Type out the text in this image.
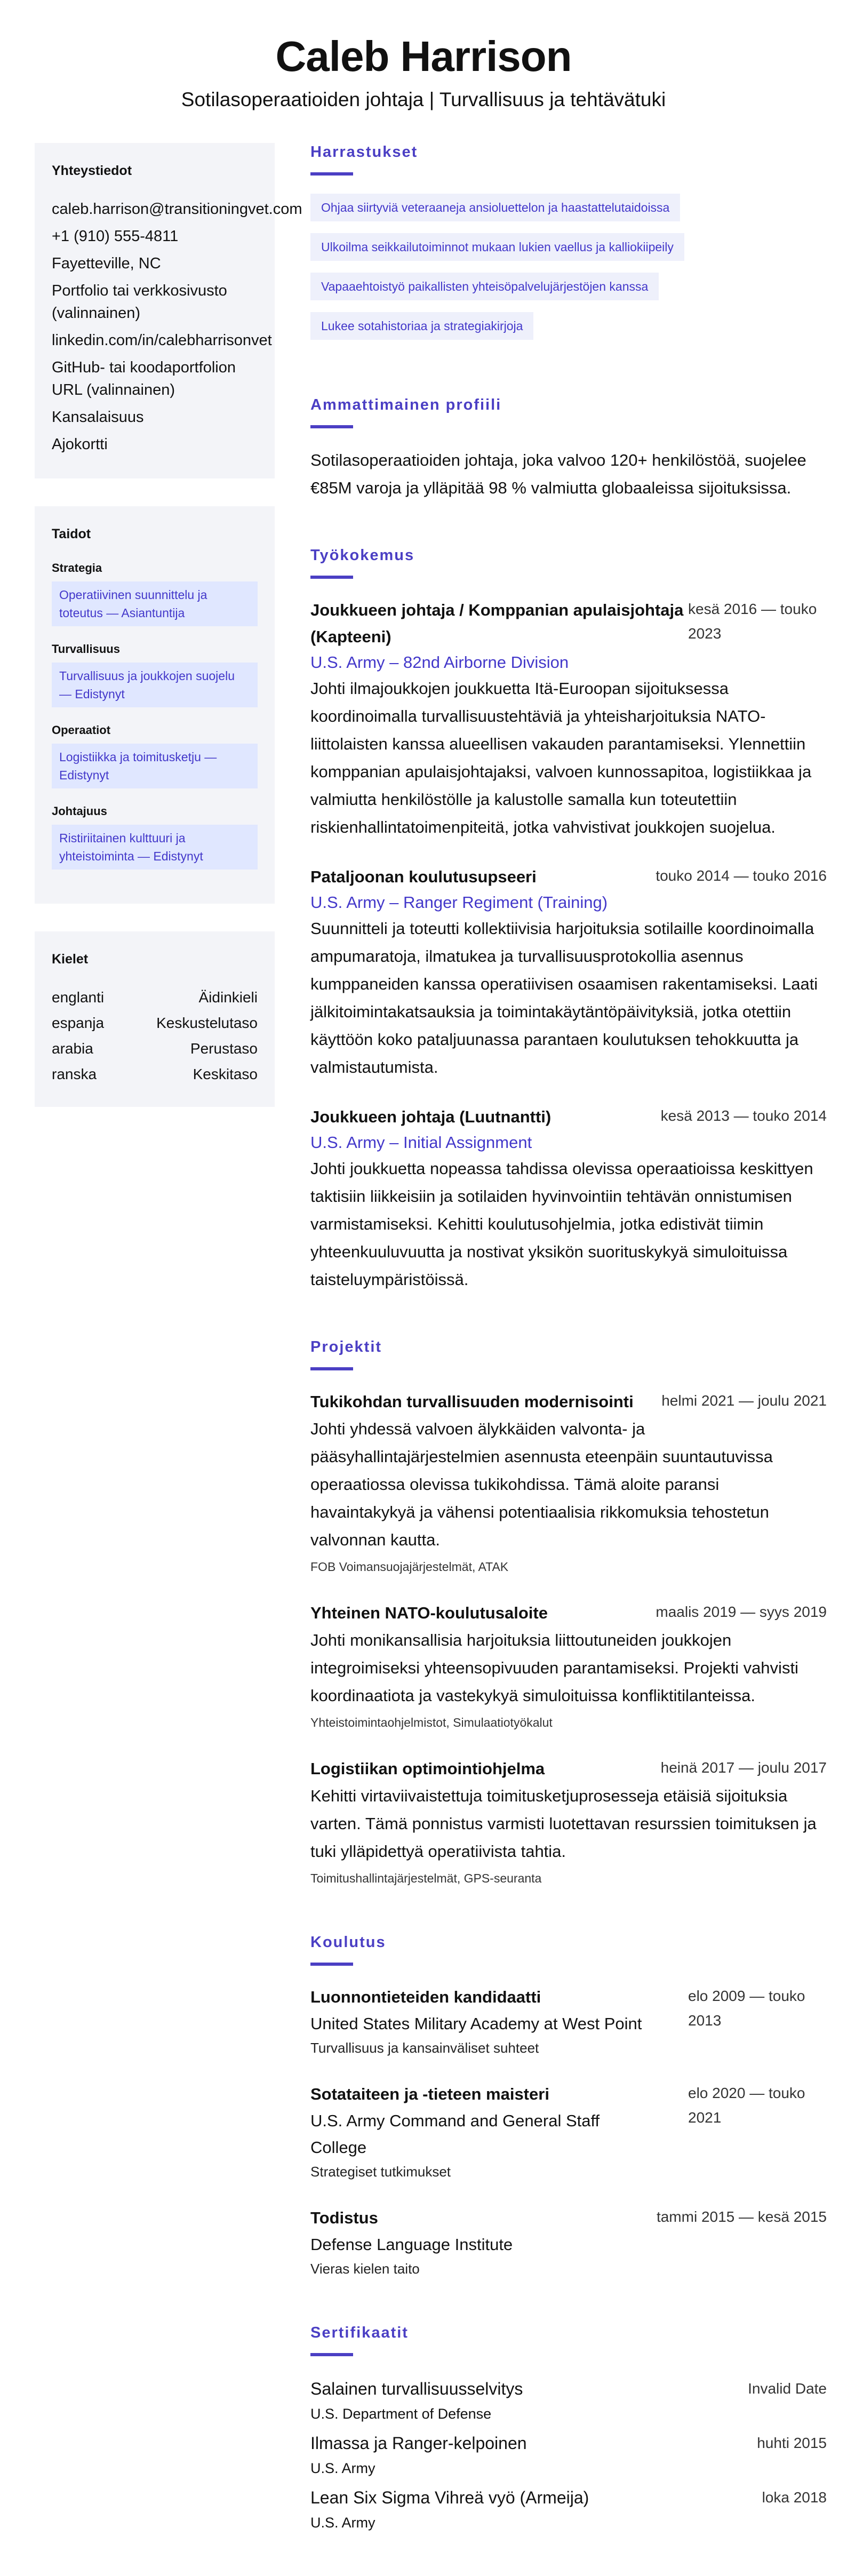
Caleb Harrison
Sotilasoperaatioiden johtaja | Turvallisuus ja tehtävätuki
Yhteystiedot
caleb.harrison@transitioningvet.com
+1 (910) 555-4811
Fayetteville, NC
Portfolio tai verkkosivusto (valinnainen)
linkedin.com/in/calebharrisonvet
GitHub- tai koodaportfolion URL (valinnainen)
Kansalaisuus
Ajokortti
Taidot
Strategia
Operatiivinen suunnittelu ja toteutus — Asiantuntija
Turvallisuus
Turvallisuus ja joukkojen suojelu — Edistynyt
Operaatiot
Logistiikka ja toimitusketju — Edistynyt
Johtajuus
Ristiriitainen kulttuuri ja yhteistoiminta — Edistynyt
Kielet
englanti	Äidinkieli
espanja	Keskustelutaso
arabia	Perustaso
ranska	Keskitaso
Harrastukset
Ohjaa siirtyviä veteraaneja ansioluettelon ja haastattelutaidoissa
Ulkoilma seikkailutoiminnot mukaan lukien vaellus ja kalliokiipeily
Vapaaehtoistyö paikallisten yhteisöpalvelujärjestöjen kanssa
Lukee sotahistoriaa ja strategiakirjoja
Ammattimainen profiili

Sotilasoperaatioiden johtaja, joka valvoo 120+ henkilöstöä, suojelee €85M varoja ja ylläpitää 98 % valmiutta globaaleissa sijoituksissa.

Työkokemus
Joukkueen johtaja / Komppanian apulaisjohtaja (Kapteeni)
kesä 2016 — touko 2023
U.S. Army – 82nd Airborne Division

Johti ilmajoukkojen joukkuetta Itä-Euroopan sijoituksessa koordinoimalla turvallisuustehtäviä ja yhteisharjoituksia NATO-liittolaisten kanssa alueellisen vakauden parantamiseksi. Ylennettiin komppanian apulaisjohtajaksi, valvoen kunnossapitoa, logistiikkaa ja valmiutta henkilöstölle ja kalustolle samalla kun toteutettiin riskienhallintatoimenpiteitä, jotka vahvistivat joukkojen suojelua.

Pataljoonan koulutusupseeri	touko 2014 — touko 2016
U.S. Army – Ranger Regiment (Training)

Suunnitteli ja toteutti kollektiivisia harjoituksia sotilaille koordinoimalla ampumaratoja, ilmatukea ja turvallisuusprotokollia asennus kumppaneiden kanssa operatiivisen osaamisen rakentamiseksi. Laati jälkitoimintakatsauksia ja toimintakäytäntöpäivityksiä, jotka otettiin käyttöön koko pataljuunassa parantaen koulutuksen tehokkuutta ja valmistautumista.

Joukkueen johtaja (Luutnantti)	kesä 2013 — touko 2014
U.S. Army – Initial Assignment

Johti joukkuetta nopeassa tahdissa olevissa operaatioissa keskittyen taktisiin liikkeisiin ja sotilaiden hyvinvointiin tehtävän onnistumisen varmistamiseksi. Kehitti koulutusohjelmia, jotka edistivät tiimin yhteenkuuluvuutta ja nostivat yksikön suorituskykyä simuloituissa taisteluympäristöissä.

Projektit
Tukikohdan turvallisuuden modernisointi helmi 2021 — joulu 2021

Johti yhdessä valvoen älykkäiden valvonta- ja pääsyhallintajärjestelmien asennusta eteenpäin suuntautuvissa operaatiossa olevissa tukikohdissa. Tämä aloite paransi havaintakykyä ja vähensi potentiaalisia rikkomuksia tehostetun valvonnan kautta.

FOB Voimansuojajärjestelmät, ATAK
Yhteinen NATO-koulutusaloite	maalis 2019 — syys 2019

Johti monikansallisia harjoituksia liittoutuneiden joukkojen integroimiseksi yhteensopivuuden parantamiseksi. Projekti vahvisti koordinaatiota ja vastekykyä simuloituissa konfliktitilanteissa.

Yhteistoimintaohjelmistot, Simulaatiotyökalut
Logistiikan optimointiohjelma	heinä 2017 — joulu 2017

Kehitti virtaviivaistettuja toimitusketjuprosesseja etäisiä sijoituksia varten. Tämä ponnistus varmisti luotettavan resurssien toimituksen ja tuki ylläpidettyä operatiivista tahtia.

Toimitushallintajärjestelmät, GPS-seuranta
Koulutus
Luonnontieteiden kandidaatti
United States Military Academy at West Point
Turvallisuus ja kansainväliset suhteet
elo 2009 — touko 2013
Sotataiteen ja -tieteen maisteri
U.S. Army Command and General Staff College
Strategiset tutkimukset
elo 2020 — touko 2021
Todistus
Defense Language Institute
Vieras kielen taito
tammi 2015 — kesä 2015
Sertifikaatit
Salainen turvallisuusselvitys
U.S. Department of Defense
Invalid Date
Ilmassa ja Ranger-kelpoinen
U.S. Army
huhti 2015
Lean Six Sigma Vihreä vyö (Armeija)
U.S. Army
loka 2018
